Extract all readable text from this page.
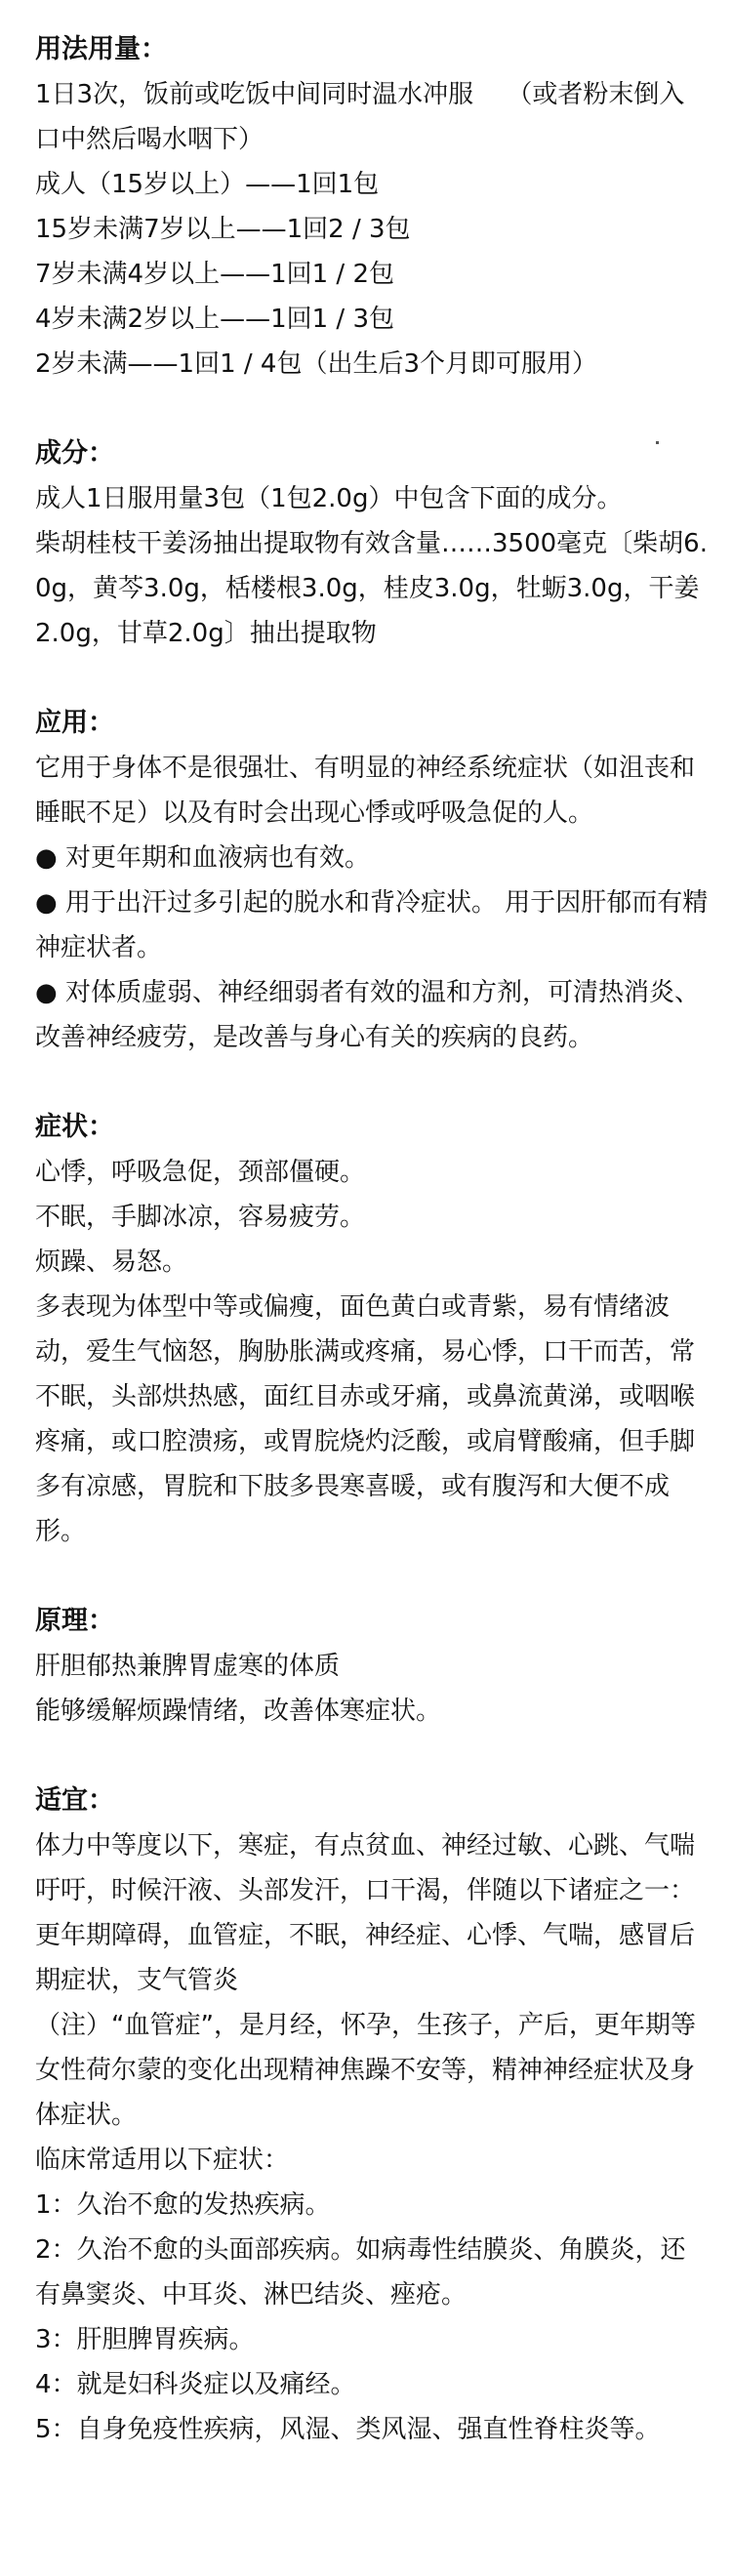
用法用量：

1日3次，饭前或吃饭中间同时温水冲服　 （或者粉末倒入口中然后喝水咽下）

成人（15岁以上）——1回1包

15岁未满7岁以上——1回2 / 3包

7岁未满4岁以上——1回1 / 2包

4岁未满2岁以上——1回1 / 3包

2岁未满——1回1 / 4包（出生后3个月即可服用）

成分：

成人1日服用量3包（1包2.0g）中包含下面的成分。

柴胡桂枝干姜汤抽出提取物有效含量……3500毫克〔柴胡6.0g，黄芩3.0g，栝楼根3.0g，桂皮3.0g，牡蛎3.0g，干姜2.0g，甘草2.0g〕抽出提取物

应用：

它用于身体不是很强壮、有明显的神经系统症状（如沮丧和睡眠不足）以及有时会出现心悸或呼吸急促的人。

● 对更年期和血液病也有效。

● 用于出汗过多引起的脱水和背冷症状。 用于因肝郁而有精神症状者。

● 对体质虚弱、神经细弱者有效的温和方剂，可清热消炎、改善神经疲劳，是改善与身心有关的疾病的良药。

症状：

心悸，呼吸急促，颈部僵硬。

不眠，手脚冰凉，容易疲劳。

烦躁、易怒。

多表现为体型中等或偏瘦，面色黄白或青紫，易有情绪波动，爱生气恼怒，胸胁胀满或疼痛，易心悸，口干而苦，常不眠，头部烘热感，面红目赤或牙痛，或鼻流黄涕，或咽喉疼痛，或口腔溃疡，或胃脘烧灼泛酸，或肩臂酸痛，但手脚多有凉感，胃脘和下肢多畏寒喜暖，或有腹泻和大便不成形。

原理：

肝胆郁热兼脾胃虚寒的体质

能够缓解烦躁情绪，改善体寒症状。

适宜：

体力中等度以下，寒症，有点贫血、神经过敏、心跳、气喘吁吁，时候汗液、头部发汗，口干渴，伴随以下诸症之一：更年期障碍，血管症，不眠，神经症、心悸、气喘，感冒后期症状，支气管炎

（注）“血管症”，是月经，怀孕，生孩子，产后，更年期等女性荷尔蒙的变化出现精神焦躁不安等，精神神经症状及身体症状。

临床常适用以下症状：

1：久治不愈的发热疾病。

2：久治不愈的头面部疾病。如病毒性结膜炎、角膜炎，还有鼻窦炎、中耳炎、淋巴结炎、痤疮。

3：肝胆脾胃疾病。

4：就是妇科炎症以及痛经。

5：自身免疫性疾病，风湿、类风湿、强直性脊柱炎等。
